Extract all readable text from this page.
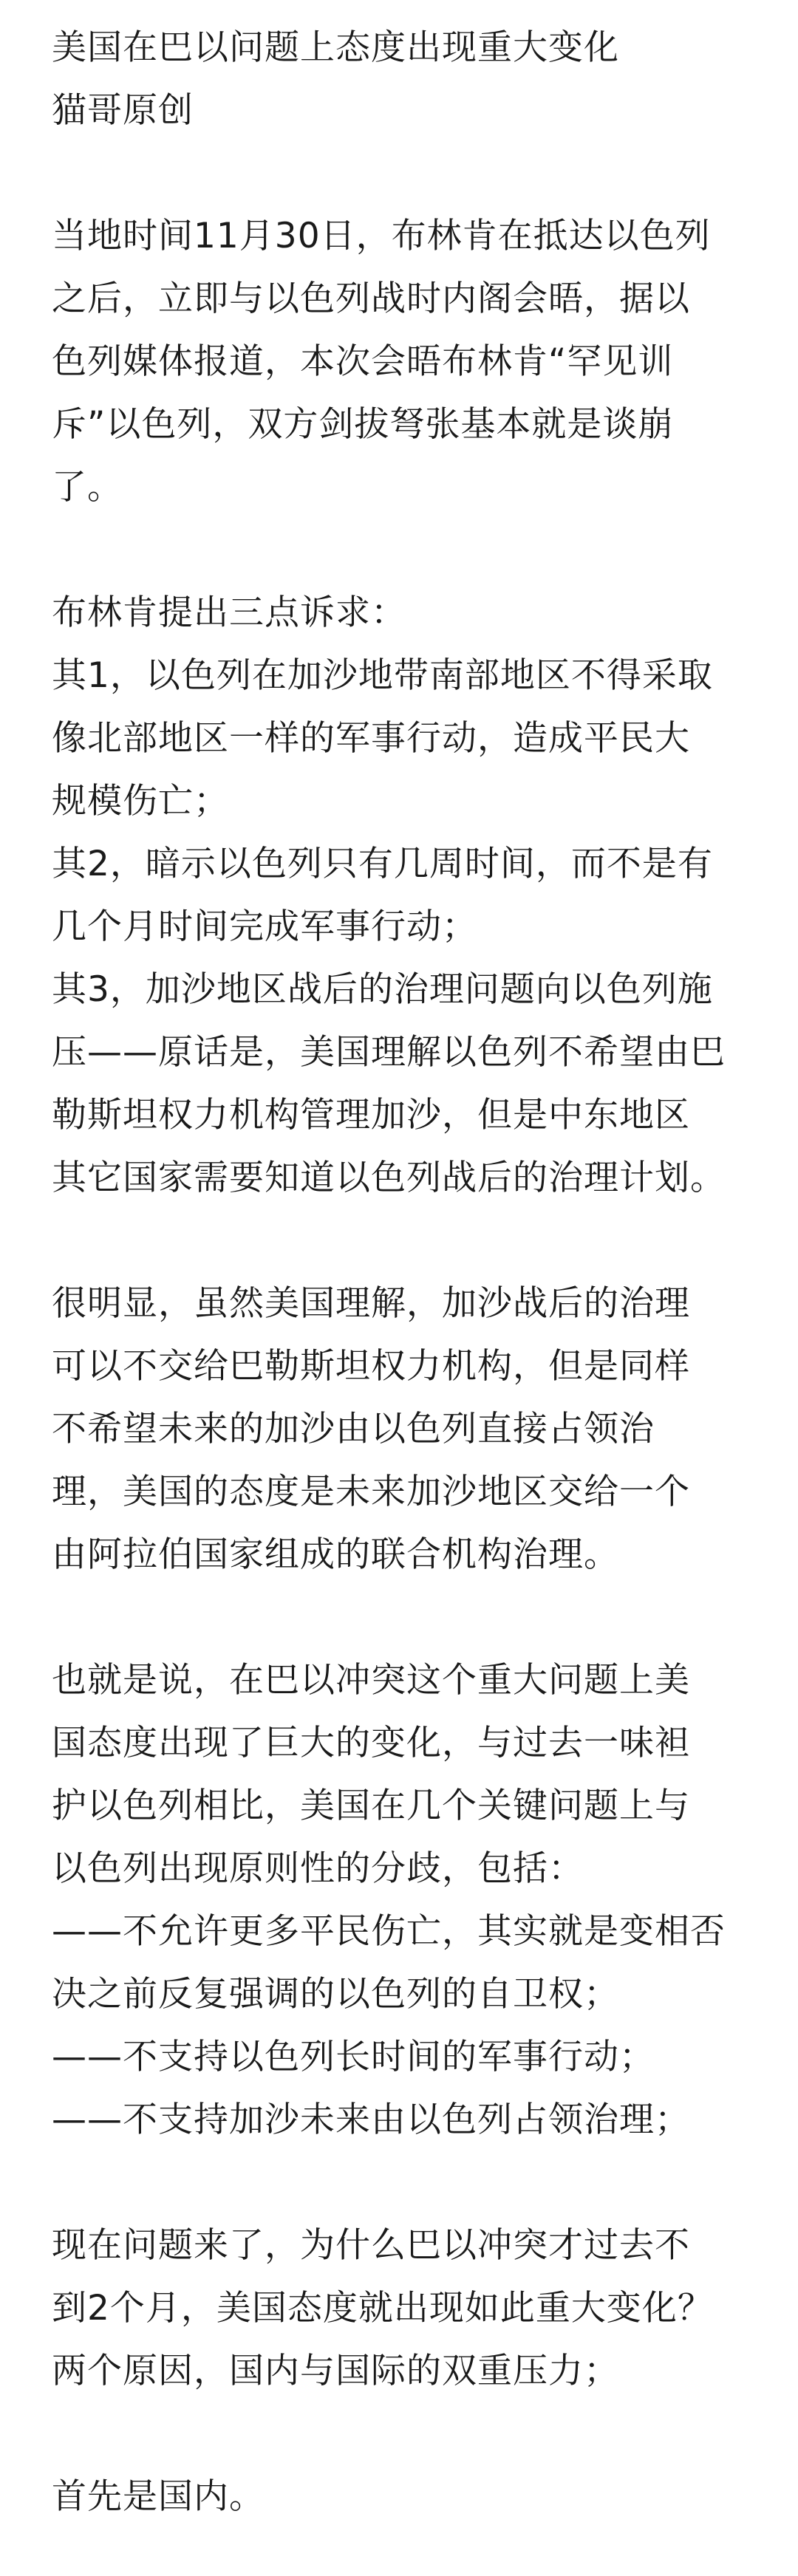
美国在巴以问题上态度出现重大变化
猫哥原创
当地时间11月30日，布林肯在抵达以色列
之后，立即与以色列战时内阁会晤，据以
色列媒体报道，本次会晤布林肯“罕见训
斥”以色列，双方剑拔弩张基本就是谈崩
了。
布林肯提出三点诉求：
其1，以色列在加沙地带南部地区不得采取
像北部地区一样的军事行动，造成平民大
规模伤亡；
其2，暗示以色列只有几周时间，而不是有
几个月时间完成军事行动；
其3，加沙地区战后的治理问题向以色列施
压——原话是，美国理解以色列不希望由巴
勒斯坦权力机构管理加沙，但是中东地区
其它国家需要知道以色列战后的治理计划。
很明显，虽然美国理解，加沙战后的治理
可以不交给巴勒斯坦权力机构，但是同样
不希望未来的加沙由以色列直接占领治
理，美国的态度是未来加沙地区交给一个
由阿拉伯国家组成的联合机构治理。
也就是说，在巴以冲突这个重大问题上美
国态度出现了巨大的变化，与过去一味袒
护以色列相比，美国在几个关键问题上与
以色列出现原则性的分歧，包括：
——不允许更多平民伤亡，其实就是变相否
决之前反复强调的以色列的自卫权；
——不支持以色列长时间的军事行动；
——不支持加沙未来由以色列占领治理；
现在问题来了，为什么巴以冲突才过去不
到2个月，美国态度就出现如此重大变化？
两个原因，国内与国际的双重压力；
首先是国内。
